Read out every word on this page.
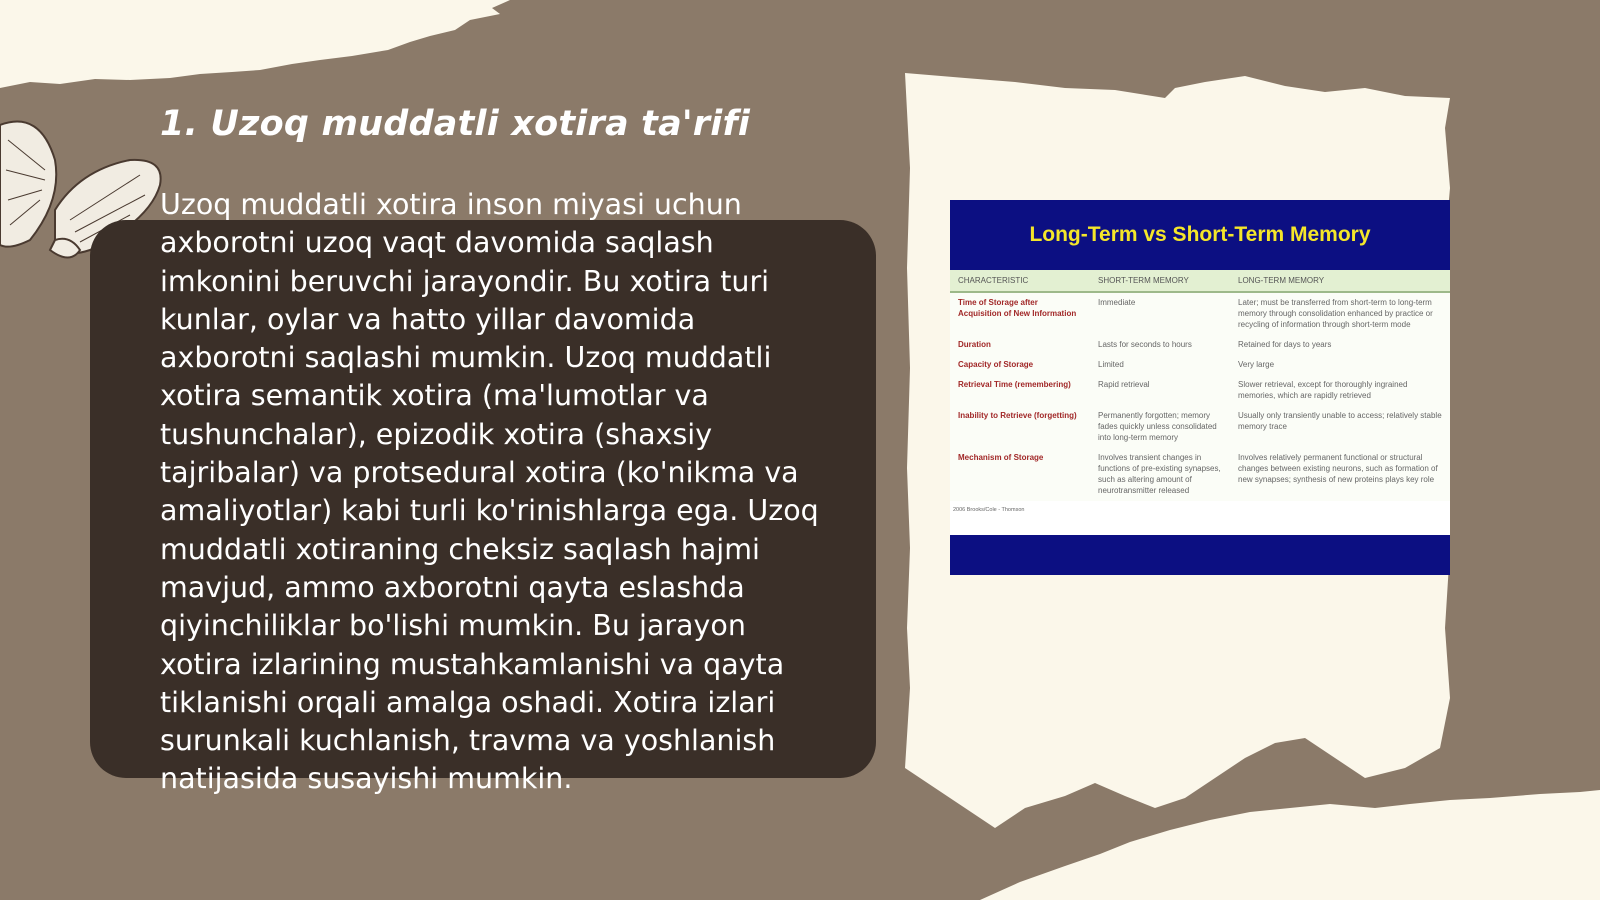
1. Uzoq muddatli xotira ta'rifi

Uzoq muddatli xotira inson miyasi uchun axborotni uzoq vaqt davomida saqlash imkonini beruvchi jarayondir. Bu xotira turi kunlar, oylar va hatto yillar davomida axborotni saqlashi mumkin. Uzoq muddatli xotira semantik xotira (ma'lumotlar va tushunchalar), epizodik xotira (shaxsiy tajribalar) va protsedural xotira (ko'nikma va amaliyotlar) kabi turli ko'rinishlarga ega. Uzoq muddatli xotiraning cheksiz saqlash hajmi mavjud, ammo axborotni qayta eslashda qiyinchiliklar bo'lishi mumkin. Bu jarayon xotira izlarining mustahkamlanishi va qayta tiklanishi orqali amalga oshadi. Xotira izlari surunkali kuchlanish, travma va yoshlanish natijasida susayishi mumkin.

Long-Term vs Short-Term Memory
CHARACTERISTIC	SHORT-TERM MEMORY	LONG-TERM MEMORY
Time of Storage after Acquisition of New Information	Immediate	Later; must be transferred from short-term to long-term memory through consolidation enhanced by practice or recycling of information through short-term mode
Duration	Lasts for seconds to hours	Retained for days to years
Capacity of Storage	Limited	Very large
Retrieval Time (remembering)	Rapid retrieval	Slower retrieval, except for thoroughly ingrained memories, which are rapidly retrieved
Inability to Retrieve (forgetting)	Permanently forgotten; memory fades quickly unless consolidated into long-term memory	Usually only transiently unable to access; relatively stable memory trace
Mechanism of Storage	Involves transient changes in functions of pre-existing synapses, such as altering amount of neurotransmitter released	Involves relatively permanent functional or structural changes between existing neurons, such as formation of new synapses; synthesis of new proteins plays key role
2006 Brooks/Cole - Thomson
